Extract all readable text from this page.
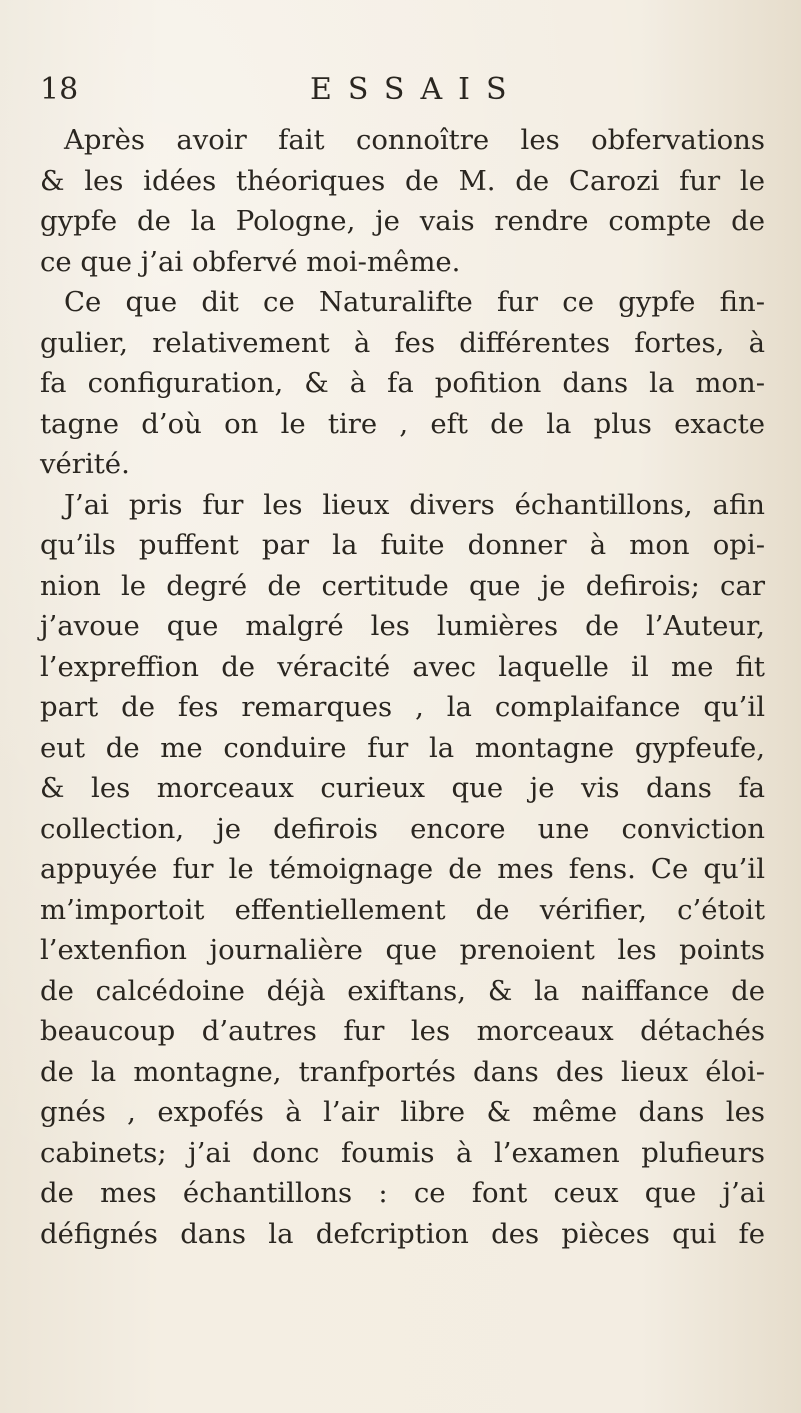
18	ESSAIS
Après avoir fait connoître les obfervations
& les idées théoriques de M. de Carozi fur le
gypfe de la Pologne, je vais rendre compte de
ce que j’ai obfervé moi-même.
Ce que dit ce Naturalifte fur ce gypfe fin-
gulier, relativement à fes différentes fortes, à
fa configuration, & à fa pofition dans la mon-
tagne d’où on le tire , eft de la plus exacte
vérité.
J’ai pris fur les lieux divers échantillons, afin
qu’ils puffent par la fuite donner à mon opi-
nion le degré de certitude que je defirois; car
j’avoue que malgré les lumières de l’Auteur,
l’expreffion de véracité avec laquelle il me fit
part de fes remarques , la complaifance qu’il
eut de me conduire fur la montagne gypfeufe,
& les morceaux curieux que je vis dans fa
collection, je defirois encore une conviction
appuyée fur le témoignage de mes fens. Ce qu’il
m’importoit effentiellement de vérifier, c’étoit
l’extenfion journalière que prenoient les points
de calcédoine déjà exiftans, & la naiffance de
beaucoup d’autres fur les morceaux détachés
de la montagne, tranfportés dans des lieux éloi-
gnés , expofés à l’air libre & même dans les
cabinets; j’ai donc foumis à l’examen plufieurs
de mes échantillons : ce font ceux que j’ai
défignés dans la defcription des pièces qui fe
